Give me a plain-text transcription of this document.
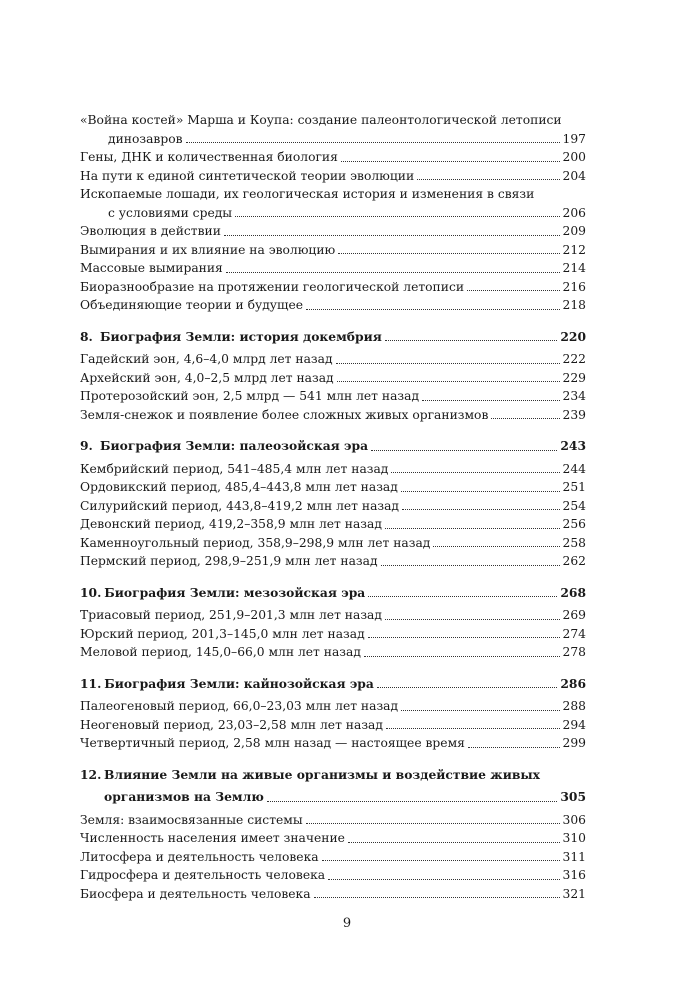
«Война костей» Марша и Коупа: создание палеонтологической летописи
динозавров	197
Гены, ДНК и количественная биология	200
На пути к единой синтетической теории эволюции	204
Ископаемые лошади, их геологическая история и изменения в связи
с условиями среды	206
Эволюция в действии	209
Вымирания и их влияние на эволюцию	212
Массовые вымирания	214
Биоразнообразие на протяжении геологической летописи	216
Объединяющие теории и будущее	218
8. Биография Земли: история докембрия	220
Гадейский эон, 4,6–4,0 млрд лет назад	222
Архейский эон, 4,0–2,5 млрд лет назад	229
Протерозойский эон, 2,5 млрд — 541 млн лет назад	234
Земля-снежок и появление более сложных живых организмов	239
9. Биография Земли: палеозойская эра	243
Кембрийский период, 541–485,4 млн лет назад	244
Ордовикский период, 485,4–443,8 млн лет назад	251
Силурийский период, 443,8–419,2 млн лет назад	254
Девонский период, 419,2–358,9 млн лет назад	256
Каменноугольный период, 358,9–298,9 млн лет назад	258
Пермский период, 298,9–251,9 млн лет назад	262
10. Биография Земли: мезозойская эра	268
Триасовый период, 251,9–201,3 млн лет назад	269
Юрский период, 201,3–145,0 млн лет назад	274
Меловой период, 145,0–66,0 млн лет назад	278
11. Биография Земли: кайнозойская эра	286
Палеогеновый период, 66,0–23,03 млн лет назад	288
Неогеновый период, 23,03–2,58 млн лет назад	294
Четвертичный период, 2,58 млн назад — настоящее время	299
12. Влияние Земли на живые организмы и воздействие живых
организмов на Землю	305
Земля: взаимосвязанные системы	306
Численность населения имеет значение	310
Литосфера и деятельность человека	311
Гидросфера и деятельность человека	316
Биосфера и деятельность человека	321
9
